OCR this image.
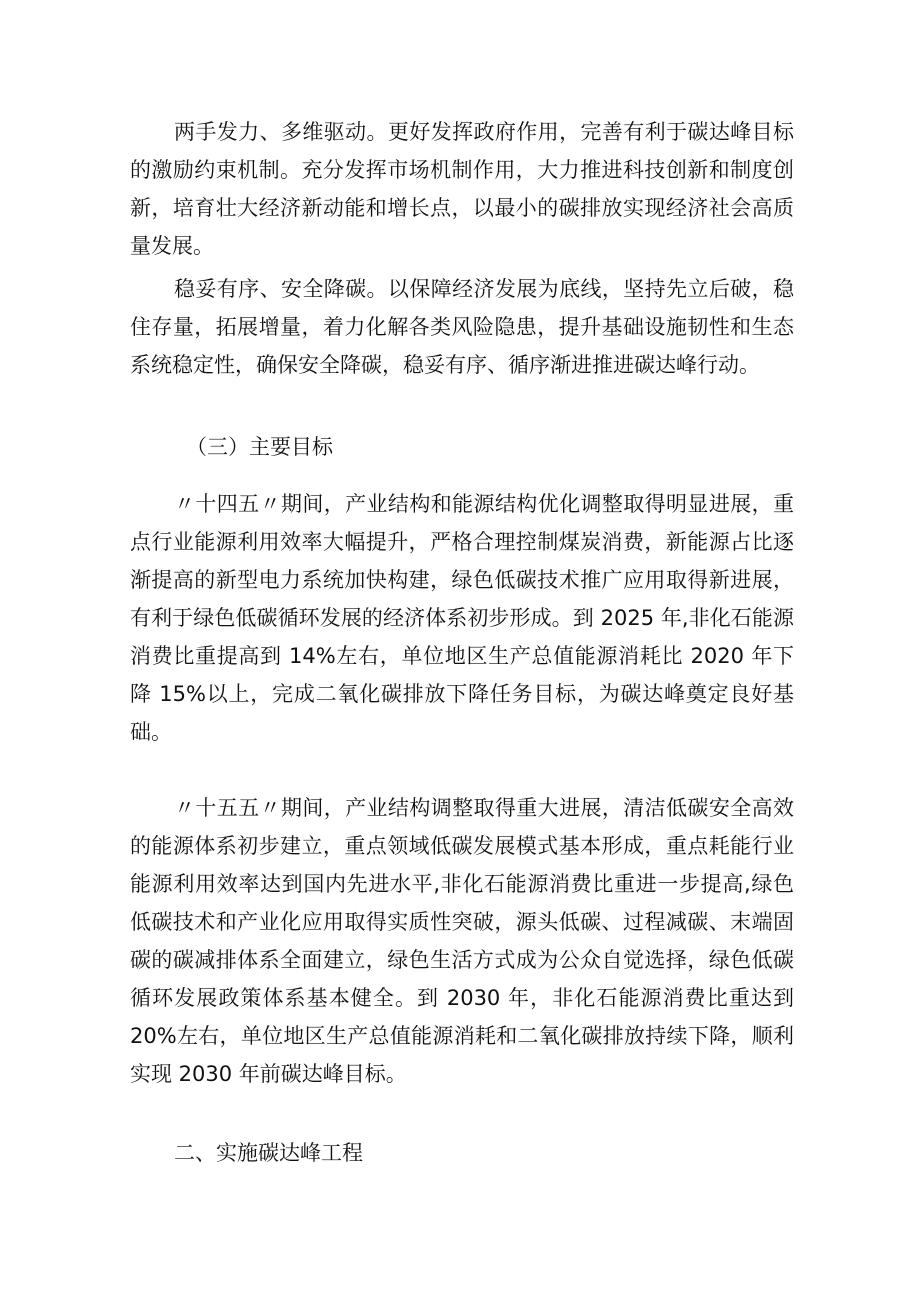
两手发力、多维驱动。更好发挥政府作用，完善有利于碳达峰目标的激励约束机制。充分发挥市场机制作用，大力推进科技创新和制度创新，培育壮大经济新动能和增长点，以最小的碳排放实现经济社会高质量发展。

稳妥有序、安全降碳。以保障经济发展为底线，坚持先立后破，稳住存量，拓展增量，着力化解各类风险隐患，提升基础设施韧性和生态系统稳定性，确保安全降碳，稳妥有序、循序渐进推进碳达峰行动。

（三）主要目标

〃十四五〃期间，产业结构和能源结构优化调整取得明显进展，重点行业能源利用效率大幅提升，严格合理控制煤炭消费，新能源占比逐渐提高的新型电力系统加快构建，绿色低碳技术推广应用取得新进展，有利于绿色低碳循环发展的经济体系初步形成。到 2025 年,非化石能源消费比重提高到 14%左右，单位地区生产总值能源消耗比 2020 年下降 15%以上，完成二氧化碳排放下降任务目标，为碳达峰奠定良好基础。

〃十五五〃期间，产业结构调整取得重大进展，清洁低碳安全高效的能源体系初步建立，重点领域低碳发展模式基本形成，重点耗能行业能源利用效率达到国内先进水平,非化石能源消费比重进一步提高,绿色低碳技术和产业化应用取得实质性突破，源头低碳、过程减碳、末端固碳的碳减排体系全面建立，绿色生活方式成为公众自觉选择，绿色低碳循环发展政策体系基本健全。到 2030 年，非化石能源消费比重达到 20%左右，单位地区生产总值能源消耗和二氧化碳排放持续下降，顺利实现 2030 年前碳达峰目标。

二、实施碳达峰工程
